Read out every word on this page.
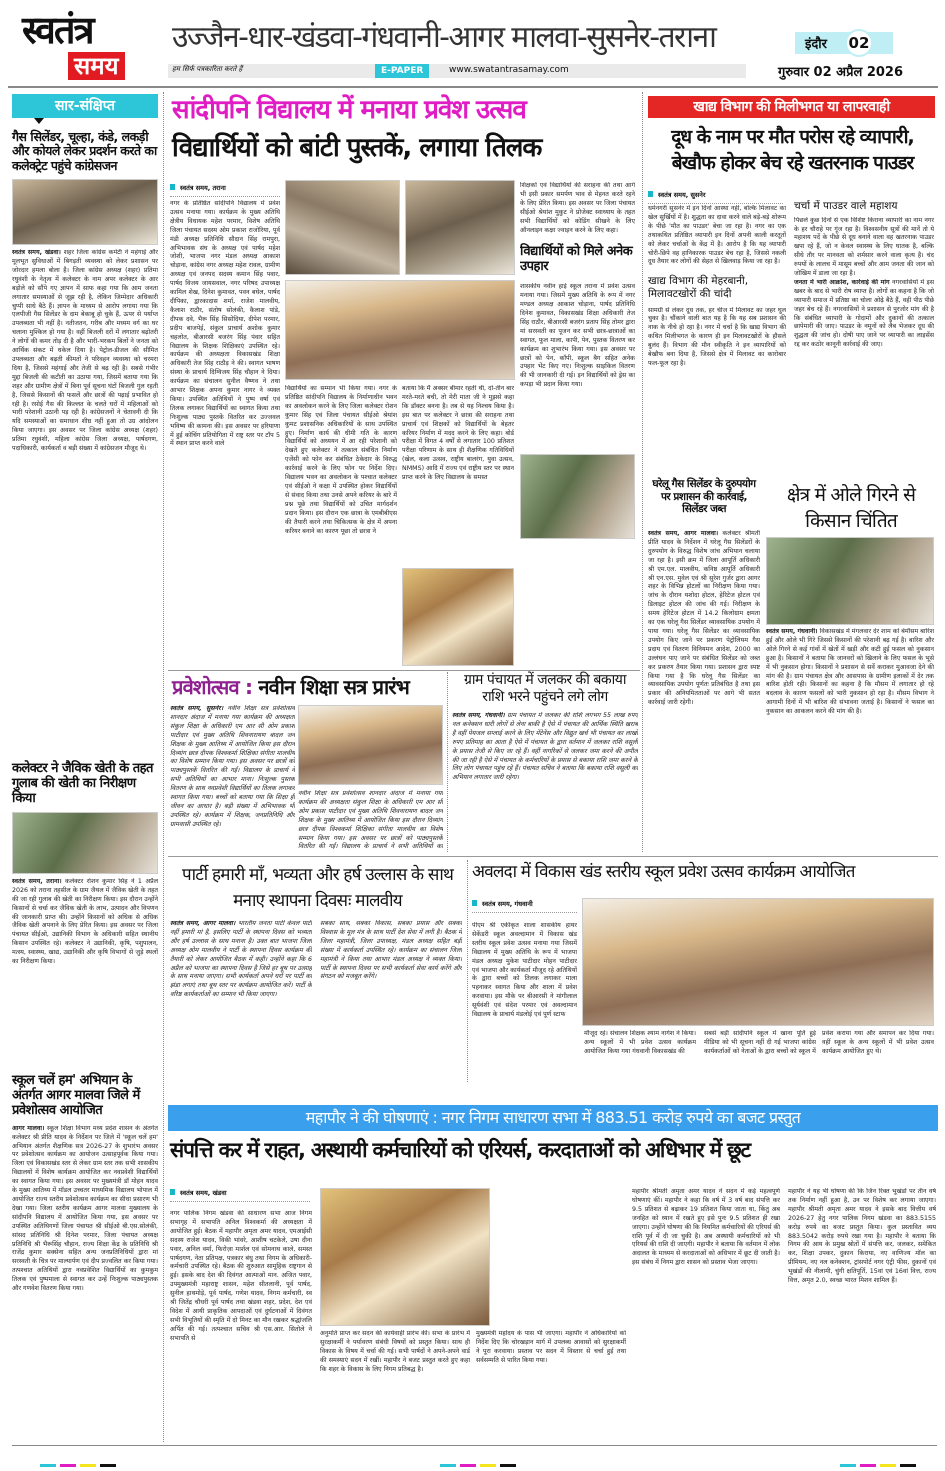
स्वतंत्र
समय
उज्जैन-धार-खंडवा-गंधवानी-आगर मालवा-सुसनेर-तराना	इंदौर 02
हम सिर्फ पत्रकारिता करते हैं	E-PAPER	www.swatantrasamay.com	गुरुवार 02 अप्रैल 2026
सार-संक्षिप्त
गैस सिलेंडर, चूल्हा, कंडे, लकड़ी और कोयले लेकर प्रदर्शन करते का कलेक्ट्रेट पहुंचे कांग्रेसजन
स्वतंत्र समय, खंडवा। शहर जिला कांग्रेस कमेटी ने महंगाई और मूलभूत सुविधाओं में बिगड़ती व्यवस्था को लेकर प्रशासन पर जोरदार हमला बोला है। जिला कांग्रेस अध्यक्ष (शहर) प्रतिमा रघुवंशी के नेतृत्व में कलेक्टर के नाम अपर कलेक्टर के आर बड़ोले को सौंपे गए ज्ञापन में साफ कहा गया कि आम जनता लगातार समस्याओं से जूझ रही है, लेकिन जिम्मेदार अधिकारी चुप्पी साधे बैठे हैं। ज्ञापन के माध्यम से आरोप लगाया गया कि एलपीजी गैस सिलेंडर के दाम बेकाबू हो चुके हैं, ऊपर से पर्याप्त उपलब्धता भी नहीं है। नतीजतन, गरीब और मध्यम वर्ग का घर चलाना मुश्किल हो गया है। वहीं बिजली दरों में लगातार बढ़ोतरी ने लोगों की कमर तोड़ दी है और भारी-भरकम बिलों ने जनता को आर्थिक संकट में धकेल दिया है। पेट्रोल-डीजल की सीमित उपलब्धता और बढ़ती कीमतों ने परिवहन व्यवस्था को चरमरा दिया है, जिससे महंगाई और तेजी से बढ़ रही है। सबसे गंभीर मुद्दा बिजली की कटौती का उठाया गया, जिसमें बताया गया कि शहर और ग्रामीण क्षेत्रों में बिना पूर्व सूचना घंटों बिजली गुल रहती है, जिससे किसानों की फसलें और छात्रों की पढ़ाई प्रभावित हो रही है। रसोई गैस की किल्लत के चलते घरों में महिलाओं को भारी परेशानी उठानी पड़ रही है। कांग्रेसजनों ने चेतावनी दी कि यदि समस्याओं का समाधान शीघ्र नहीं हुआ तो उग्र आंदोलन किया जाएगा। इस अवसर पर जिला कांग्रेस अध्यक्ष (शहर) प्रतिमा रघुवंशी, महिला कांग्रेस जिला अध्यक्ष, पार्षदगण, पदाधिकारी, कार्यकर्ता व बड़ी संख्या में कांग्रेसजन मौजूद थे।
कलेक्टर ने जैविक खेती के तहत गुलाब की खेती का निरीक्षण किया
स्वतंत्र समय, तराना। कलेक्टर रोशन कुमार सिंह ने 1 अप्रैल 2026 को तराना तहसील के ग्राम जैथल में जैविक खेती के तहत की जा रही गुलाब की खेती का निरीक्षण किया। इस दौरान उन्होंने किसानों से चर्चा कर जैविक खेती के लाभ, उत्पादन और विपणन की जानकारी प्राप्त की। उन्होंने किसानों को अधिक से अधिक जैविक खेती अपनाने के लिए प्रेरित किया। इस अवसर पर जिला पंचायत सीईओ, उद्यानिकी विभाग के अधिकारी सहित स्थानीय किसान उपस्थित रहे। कलेक्टर ने उद्यानिकी, कृषि, पशुपालन, मत्स्य, स्वास्थ्य, खाद्य, उद्यानिकी और कृषि विभागों से जुड़े स्थलों का निरीक्षण किया।
स्कूल चलें हम' अभियान के अंतर्गत आगर मालवा जिले में प्रवेशोत्सव आयोजित
आगर मालवा। स्कूल शिक्षा विभाग मध्य प्रदेश शासन के अंतर्गत कलेक्टर श्री प्रीति यादव के निर्देशन पर जिले में 'स्कूल चलें हम' अभियान अंतर्गत शैक्षणिक सत्र 2026-27 के शुभारंभ अवसर पर प्रवेशोत्सव कार्यक्रम का आयोजन उत्साहपूर्वक किया गया। जिला एवं विकासखंड स्तर से लेकर ग्राम स्तर तक सभी शासकीय विद्यालयों में विशेष कार्यक्रम आयोजित कर नवप्रवेशी विद्यार्थियों का स्वागत किया गया। इस अवसर पर मुख्यमंत्री डॉ मोहन यादव के मुख्य आतिथ्य में मॉडल उच्चतर माध्यमिक विद्यालय भोपाल में आयोजित राज्य स्तरीय प्रवेशोत्सव कार्यक्रम का सीधा प्रसारण भी देखा गया। जिला स्तरीय कार्यक्रम आगर मालवा मुख्यालय के सांदीपनि विद्यालय में आयोजित किया गया, इस अवसर पर उपस्थित अतिथिगणों जिला पंचायत श्री सीईओ बी.एस.सोलंकी, सांसद प्रतिनिधि श्री दिनेश परमार, जिला पंचायत अध्यक्ष प्रतिनिधि श्री भैरूसिंह चौहान, राज्य शिक्षा केंद्र के प्रतिनिधि श्री राजेंद्र कुमार सक्सेना सहित अन्य जनप्रतिनिधियों द्वारा मां सरस्वती के चित्र पर माल्यार्पण एवं दीप प्रज्वलित कर किया गया। तत्पश्चात अतिथियों द्वारा नवप्रवेशित विद्यार्थियों का कुमकुम तिलक एवं पुष्पमाला से स्वागत कर उन्हें निःशुल्क पाठ्यपुस्तक और गणवेश वितरण किया गया।
सांदीपनि विद्यालय में मनाया प्रवेश उत्सव
विद्यार्थियों को बांटी पुस्तकें, लगाया तिलक
स्वतंत्र समय, तराना
नगर के प्रतिष्ठित सांदीपनि विद्यालय में प्रवेश उत्सव मनाया गया। कार्यक्रम के मुख्य अतिथि क्षेत्रीय विधायक महेश परमार, विशेष अतिथि जिला पंचायत सदस्य ओम प्रकाश राजोरिया, पूर्व मंडी अध्यक्ष प्रतिनिधि सौदान सिंह रामपुरा, अभिभावक संघ के अध्यक्ष एवं पार्षद महेश जोशी, भाजपा नगर मंडल अध्यक्ष आकाश चोड़ाना, कांग्रेस नगर अध्यक्ष महेश रावल, ग्रामीण अध्यक्ष एवं जनपद सदस्य कमान सिंह पवार, पार्षद विजय जायसवाल, नगर परिषद उपाध्यक्ष कामिल शेख, दिनेश कुमावत, पवन बघेल, पार्षद दीपिका, द्वारकादास शर्मा, राजेश मालवीय, कैलाश राठौर, संतोष सोलंकी, कैलाश पांडे, दीपक दवे, भैरू सिंह सिसोदिया, दीपेश परमार, प्रदीप बाजपेई, संकुल प्राचार्य अशोक कुमार चहलोत, बीआरसी बजरंग सिंह पंवार सहित विद्यालय के शिक्षक शिक्षिकाएं उपस्थित रहे। कार्यक्रम की अध्यक्षता विकासखंड शिक्षा अधिकारी तेज सिंह राठौड़ ने की। स्वागत भाषण संस्था के प्राचार्य दिग्विजय सिंह चौहान ने दिया। कार्यक्रम का संचालन सुनील वैष्णव ने तथा आभार शिक्षक अपना कुमार नागर ने व्यक्त किया। उपस्थित अतिथियों ने पुष्प वर्षा एवं तिलक लगाकर विद्यार्थियों का स्वागत किया तथा निःशुल्क पाठ्य पुस्तकें वितरित कर उज्जवल भविष्य की कामना की। इस अवसर पर हरियाणा में हुई कोचिंग प्रतियोगिता में राष्ट्र स्तर पर टॉप 5 में स्थान प्राप्त करने वाले
विद्यार्थियों का सम्मान भी किया गया। नगर के प्रतिष्ठित सांदीपनि विद्यालय के निर्माणाधीन भवन का अवलोकन करने के लिए जिला कलेक्टर रोशन कुमार सिंह एवं जिला पंचायत सीईओ श्रेयांश कुमट प्रशासनिक अधिकारियों के साथ उपस्थित हुए। निर्माण कार्य की धीमी गति के कारण विद्यार्थियों को अध्ययन में आ रही परेशानी को देखते हुए कलेक्टर ने तत्काल संबंधित निर्माण एजेंसी को फोन कर संबंधित ठेकेदार के विरुद्ध कार्रवाई करने के लिए फोन पर निर्देश दिए। विद्यालय भवन का अवलोकन के पश्चात कलेक्टर एवं सीईओ ने कक्षा में उपस्थित होकर विद्यार्थियों से संवाद किया तथा उनसे अपने करियर के बारे में प्रश्न पूछे तथा विद्यार्थियों को उचित मार्गदर्शन प्रदान किया। इस दौरान एक छात्रा के एमबीबीएस की तैयारी करने तथा चिकित्सक के क्षेत्र में अपना करियर बनाने का कारण पूछा तो छात्रा ने
बताया कि मैं अक्सर बीमार रहती थी, दो-तीन बार मरते-मरते बची, तो मेरी माता जी ने मुझसे कहा कि डॉक्टर बनना है। तब से यह निश्चय किया है। इस बात पर कलेक्टर ने छात्रा की सराहना तथा प्राचार्य एवं शिक्षकों को विद्यार्थियों के बेहतर करियर निर्माण में मदद करने के लिए कहा। बोर्ड परीक्षा में विगत 4 वर्षों से लगातार 100 प्रतिशत परीक्षा परिणाम के साथ ही शैक्षणिक गतिविधियों (खेल, कला उत्सव, राष्ट्रीय बालरंग, युवा उत्सव, NMMS) आदि में राज्य एवं राष्ट्रीय स्तर पर स्थान प्राप्त करने के लिए विद्यालय के समस्त
शिक्षकों एवं विद्यार्थियों की सराहना की तथा आगे भी इसी प्रकार समर्पण भाव से मेहनत करते रहने के लिए प्रेरित किया। इस अवसर पर जिला पंचायत सीईओ श्रेयांश मुकुट ने प्रोजेक्ट स्वाध्याय के तहत सभी विद्यार्थियों को कोडिंग सीखने के लिए ऑनलाइन कक्षा ज्वाइन करने के लिए कहा।
विद्यार्थियों को मिले अनेक उपहार
शासकीय नवीन हाई स्कूल तराना में प्रवेश उत्सव मनाया गया। जिसमें मुख्य अतिथि के रूप में नगर मण्डल अध्यक्ष आकाश चोड़ाना, पार्षद प्रतिनिधि दिनेश कुमावत, विकासखंड शिक्षा अधिकारी तेज सिंह राठौर, बीआरसी बजरंग प्रताप सिंह तोमर द्वारा मां सरस्वती का पूजन कर सभी छात्र-छात्राओं का स्वागत, फूल माला, कापी, पेन, पुस्तक वितरण कर कार्यक्रम का शुभारंभ किया गया। इस अवसर पर छात्रों को पेन, कॉपी, स्कूल बैग सहित अनेक उपहार भेंट किए गए। निःशुल्क साइकिल वितरण की भी जानकारी दी गई। इन विद्यार्थियों को ड्रेस का कपड़ा भी प्रदान किया गया।
प्रवेशोत्सव : नवीन शिक्षा सत्र प्रारंभ
स्वतंत्र समय, सुसनेर। नवीन शिक्षा सत्र प्रवेशोत्सव शानदार अंदाज में मनाया गया कार्यक्रम की अध्यक्षता संकुल शिक्षा के अधिकारी एम आर सी ओम प्रकाश पाटीदार एवं मुख्य अतिथि शिवनारायण बादल जन शिक्षक के मुख्य आतिथ्य में आयोजित किया इस दौरान दिव्यांग छात्र दीपक विश्वकर्मा शिक्षिका संगीता मालवीय का विशेष सम्मान किया गया। इस अवसर पर छात्रों को पाठ्यपुस्तकें वितरित की गईं। विद्यालय के प्राचार्य ने सभी अतिथियों का आभार माना। निःशुल्क पुस्तक वितरण के साथ नवप्रवेशी विद्यार्थियों का तिलक लगाकर स्वागत किया गया। बच्चों को बताया गया कि शिक्षा ही जीवन का आधार है। बड़ी संख्या में अभिभावक भी उपस्थित रहे। कार्यक्रम में शिक्षक, जनप्रतिनिधि और ग्रामवासी उपस्थित रहे।
नवीन शिक्षा सत्र प्रवेशोत्सव शानदार अंदाज में मनाया गया कार्यक्रम की अध्यक्षता संकुल शिक्षा के अधिकारी एम आर सी ओम प्रकाश पाटीदार एवं मुख्य अतिथि शिवनारायण बादल जन शिक्षक के मुख्य आतिथ्य में आयोजित किया इस दौरान दिव्यांग छात्र दीपक विश्वकर्मा शिक्षिका संगीता मालवीय का विशेष सम्मान किया गया। इस अवसर पर छात्रों को पाठ्यपुस्तकें वितरित की गईं। विद्यालय के प्राचार्य ने सभी अतिथियों का
ग्राम पंचायत में जलकर की बकाया राशि भरने पहुंचने लगे लोग
स्वतंत्र समय, गंधवानी। ग्राम पंचायत में जलकर की राशि लगभग 55 लाख रुपए नल कनेक्शन धारी लोगों से लेना बाकी है ऐसे में पंचायत की आर्थिक स्थिति खराब है वहीं पेयजल सप्लाई करने के लिए मेंटेनेंस और विद्युत खर्च भी पंचायत का लाखों रुपए प्रतिमाह का आता है ऐसे में पंचायत के द्वारा वर्तमान में जलकर राशि वसूली के प्रयास तेजी से किए जा रहे हैं। वहीं नागरिकों से जलकर जमा करने की अपील की जा रही है ऐसे में पंचायत के कर्मचारियों के प्रयास से बकाया राशि जमा करने के लिए लोग पंचायत पहुंच रहे हैं। पंचायत सचिव ने बताया कि बकाया राशि वसूली का अभियान लगातार जारी रहेगा।
खाद्य विभाग की मिलीभगत या लापरवाही
दूध के नाम पर मौत परोस रहे व्यापारी, बेखौफ होकर बेच रहे खतरनाक पाउडर
स्वतंत्र समय, सुसनेर
धर्मनगरी सुसनेर में इन दिनों आस्था नहीं, बल्कि मिलावट का खेल सुर्खियों में है। शुद्धता का दावा करने वाले बड़े-बड़े शोरूम के पीछे 'मौत का पाउडर' बेचा जा रहा है। नगर का एक तथाकथित प्रतिष्ठित व्यापारी इन दिनों अपनी काली करतूतों को लेकर चर्चाओं के केंद्र में है। आरोप है कि यह व्यापारी चोरी-छिपे वह हानिकारक पाउडर बेच रहा है, जिससे नकली दूध तैयार कर लोगों की सेहत से खिलवाड़ किया जा रहा है।
खाद्य विभाग की मेहरबानी, मिलावटखोरों की चांदी
सामग्री से लेकर दूध तक, हर चीज में मिलावट का जहर घुल चुका है। चौंकाने वाली बात यह है कि यह सब प्रशासन की नाक के नीचे हो रहा है। नगर में चर्चा है कि खाद्य विभाग की कथित मिलीभगत के कारण ही इन मिलावटखोरों के हौसले बुलंद हैं। विभाग की मौन स्वीकृति ने इन व्यापारियों को बेखौफ बना दिया है, जिससे क्षेत्र में मिलावट का कारोबार फल-फूल रहा है।
चर्चा में पाउडर वाले महाशय
पिछले कुछ दिनों से एक विशिष्ट किराना व्यापारी का नाम नगर के हर चौराहे पर गूंज रहा है। विश्वसनीय सूत्रों की मानें तो ये महाशय पर्दे के पीछे से दूध बनाने वाला वह खतरनाक पाउडर खपा रहे हैं, जो न केवल स्वास्थ्य के लिए घातक है, बल्कि सीधे तौर पर मानवता को शर्मसार करने वाला कृत्य है। चंद रुपयों के लालच में मासूम बच्चों और आम जनता की जान को जोखिम में डाला जा रहा है।
जनता में भारी आक्रोश, कार्रवाई की मांग नगरवासियों में इस खबर के बाद से भारी रोष व्याप्त है। लोगों का कहना है कि जो व्यापारी समाज में प्रतिष्ठा का चोला ओढ़े बैठे हैं, वही पीठ पीछे जहर बेच रहे हैं। नगरवासियों ने प्रशासन से पुरजोर मांग की है कि संबंधित व्यापारी के गोदामों और दुकानों की तत्काल छापेमारी की जाए। पाउडर के नमूनों को लैब भेजकर दूध की शुद्धता की जांच हो। दोषी पाए जाने पर व्यापारी का लाइसेंस रद्द कर कठोर कानूनी कार्रवाई की जाए।
घरेलू गैस सिलेंडर के दुरुपयोग पर प्रशासन की कार्रवाई, सिलेंडर जब्त
स्वतंत्र समय, आगर मालवा। कलेक्टर श्रीमती प्रीति यादव के निर्देशन में घरेलू गैस सिलेंडरों के दुरुपयोग के विरुद्ध विशेष जांच अभियान चलाया जा रहा है। इसी क्रम में जिला आपूर्ति अधिकारी श्री एम.एल. मालवीय, कनिष्ठ आपूर्ति अधिकारी श्री एन.एस. मुवेल एवं श्री सुरेश गुर्जर द्वारा आगर शहर के विभिन्न होटलों का निरीक्षण किया गया। जांच के दौरान यशोदा होटल, हेरिटेज होटल एवं डिलाइट होटल की जांच की गई। निरीक्षण के समय हेरिटेज होटल में 14.2 किलोग्राम क्षमता का एक घरेलू गैस सिलेंडर व्यावसायिक उपयोग में पाया गया। घरेलू गैस सिलेंडर का व्यावसायिक उपयोग किए जाने पर प्रकरण पेट्रोलियम गैस प्रदाय एवं वितरण विनियमन आदेश, 2000 का उल्लंघन पाए जाने पर संबंधित सिलेंडर को जब्त कर प्रकरण तैयार किया गया। प्रशासन द्वारा स्पष्ट किया गया है कि घरेलू गैस सिलेंडर का व्यावसायिक उपयोग पूर्णतः प्रतिबंधित है तथा इस प्रकार की अनियमितताओं पर आगे भी सतत कार्रवाई जारी रहेगी।
क्षेत्र में ओले गिरने से किसान चिंतित
स्वतंत्र समय, गंधवानी। विकासखंड में मंगलवार देर शाम को बेमौसम बारिश हुई और ओले भी गिरे जिससे किसानों की परेशानी बढ़ गई है। बारिश और ओले गिरने से कई गांवों में खेतों में खड़ी और कटी हुई फसल को नुकसान हुआ है। किसानों ने बताया कि जानवरों को खिलाने के लिए फसल के भूसे में भी नुकसान होगा। किसानों ने प्रशासन से सर्वे कराकर मुआवजा देने की मांग की है। ग्राम पंचायत क्षेत्र और आसपास के ग्रामीण इलाकों में देर तक बारिश होती रही। किसानों का कहना है कि मौसम में लगातार हो रहे बदलाव के कारण फसलों को भारी नुकसान हो रहा है। मौसम विभाग ने आगामी दिनों में भी बारिश की संभावना जताई है। किसानों ने फसल का नुकसान का आकलन करने की मांग की है।
पार्टी हमारी माँ, भव्यता और हर्ष उल्लास के साथ मनाए स्थापना दिवसः मालवीय
स्वतंत्र समय, आगर मालवा। भारतीय जनता पार्टी केवल पार्टी नहीं हमारी मां है, इसलिए पार्टी के स्थापना दिवस को भव्यता और हर्ष उल्लास के साथ मनाना है। उक्त बात भाजपा जिला अध्यक्ष ओम मालवीय ने पार्टी के स्थापना दिवस कार्यक्रम की तैयारी को लेकर आयोजित बैठक में कही। उन्होंने कहा कि 6 अप्रैल को भाजपा का स्थापना दिवस है जिसे हर बूथ पर उत्साह के साथ मनाया जाएगा। सभी कार्यकर्ता अपने घरों पर पार्टी का झंडा लगाएं तथा बूथ स्तर पर कार्यक्रम आयोजित करें। पार्टी के वरिष्ठ कार्यकर्ताओं का सम्मान भी किया जाएगा।
सबका साथ, सबका विकास, सबका प्रयास और सबका विश्वास के मूल मंत्र के साथ पार्टी देश सेवा में लगी है। बैठक में जिला महामंत्री, जिला उपाध्यक्ष, मंडल अध्यक्ष सहित बड़ी संख्या में कार्यकर्ता उपस्थित रहे। कार्यक्रम का संचालन जिला महामंत्री ने किया तथा आभार मंडल अध्यक्ष ने व्यक्त किया। पार्टी के स्थापना दिवस पर सभी कार्यकर्ता सेवा कार्य करेंगे और संगठन को मजबूत करेंगे।
अवलदा में विकास खंड स्तरीय स्कूल प्रवेश उत्सव कार्यक्रम आयोजित
स्वतंत्र समय, गंधवानी
पीएम श्री एकीकृत शाला शासकीय हायर सेकेंडरी स्कूल अवल्दामान में विकास खंड स्तरीय स्कूल प्रवेश उत्सव मनाया गया जिसमें विद्यालय में मुख्य अतिथि के रूप में भाजपा मंडल अध्यक्ष मुकेश पाटीदार मोहन पाटीदार एवं भाजपा और कार्यकर्ता मौजूद रहे अतिथियों के द्वारा बच्चों को तिलक लगाकर माला पहनाकर स्वागत किया और शाला में प्रवेश करवाया। इस मौके पर बीआरसी ने मांगीलाल सूर्यवंशी एवं संदेश परमार एवं अवल्दामान विद्यालय के प्राचार्य मंडलोई एवं पूर्ण स्टाफ
मौजूद रहे। संचालन शिक्षक श्याम नागेश ने किया। अन्य स्कूलों में भी प्रवेश उत्सव कार्यक्रम आयोजित किया गया गंधवानी विकासखंड की
सबसे बड़ी सांदीपनि स्कूल में खाना पूर्ति हुई मीडिया को भी सूचना नहीं दी गई भाजपा कांग्रेस कार्यकर्ताओं को नेताओं के द्वारा बच्चों को स्कूल में
प्रवेश कराया गया और समापन कर दिया गया। वहीं स्कूल के अन्य स्कूलों में भी प्रवेश उत्सव कार्यक्रम आयोजित हुए थे।
महापौर ने की घोषणाएं : नगर निगम साधारण सभा में 883.51 करोड़ रुपये का बजट प्रस्तुत
संपत्ति कर में राहत, अस्थायी कर्मचारियों को एरियर्स, करदाताओं को अधिभार में छूट
स्वतंत्र समय, खंडवा
नगर पालिक निगम खंडवा की साधारण सभा आज निगम सभागृह में सभापति अनिल विश्वकर्मा की अध्यक्षता में आयोजित हुई। बैठक में महापौर अमृता अमर यादव, एमआईसी सदस्य राजेश यादव, विकी भांवरे, आशीष चटकेले, उषा दीना पवार, अनिल वर्मा, फिरोज़ा मार्शल एवं सोमनाथ काले, समस्त पार्षदगण, नेता प्रतिपक्ष, पत्रकार बंधु तथा निगम के अधिकारी-कर्मचारी उपस्थित रहे। बैठक की शुरुआत सामूहिक राष्ट्रगान से हुई। इसके बाद देश की दिवंगत आत्माओं मान. अजित पवार, उपमुख्यमंत्री महाराष्ट्र शासन, महेश सीतलानी, पूर्व पार्षद, सुनील हाथमोड़े, पूर्व पार्षद, गणेश यादव, निगम कर्मचारी, स्व श्री जितेंद्र चौधरी पूर्व पार्षद तथा खंडवा शहर, प्रदेश, देश एवं विदेश में आयी प्राकृतिक आपदाओं एवं दुर्घटनाओं में दिवंगत सभी विभूतियों की स्मृति में दो मिनट का मौन रखकर श्रद्धांजलि अर्पित की गई। तत्पश्चात सचिव श्री एस.आर. सितोले ने सभापति से
अनुमति प्राप्त कर सदन की कार्यवाही प्रारंभ की। सभा के प्रारंभ में सुरक्षाकर्मी ने पर्यावरण संबंधी विषयों को प्रस्तुत किया। साथ ही विकास के विषय में चर्चा की गई। सभी पार्षदों ने अपने-अपने वार्ड की समस्याएं सदन में रखीं। महापौर ने बजट प्रस्तुत करते हुए कहा कि शहर के विकास के लिए निगम प्रतिबद्ध है।
मुख्यमंत्री महोदय के पास भी जाएगा। महापौर ने अधिकारियों को निर्देश दिए कि चोरखड़ान मार्ग में उपलब्ध आवासों को सुरक्षाकर्मी ने पूरा करवाया। प्रस्ताव पर सदन में विस्तार से चर्चा हुई तथा सर्वसम्मति से पारित किया गया।
महापौर श्रीमती अमृता अमर यादव ने सदन में कई महत्वपूर्ण घोषणाएं कीं। महापौर ने कहा कि वर्ष में 3 वर्ष बाद संपत्ति कर 9.5 प्रतिशत से बढ़ाकर 19 प्रतिशत किया जाता था, किंतु अब जनहित को ध्यान में रखते हुए इसे पुनः 9.5 प्रतिशत ही रखा जाएगा। उन्होंने घोषणा की कि नियमित कर्मचारियों की एरियर्स की राशि पूर्व में दी जा चुकी है। अब अस्थायी कर्मचारियों को भी एरियर्स की राशि दी जाएगी। महापौर ने बताया कि वर्तमान में लोक अदालत के माध्यम से करदाताओं को अधिभार में छूट दी जाती है। इस संबंध में निगम द्वारा शासन को प्रस्ताव भेजा जाएगा।
महापौर ने यह भी घोषणा की कि जिन रिक्त भूखंडों पर तीन वर्ष तक निर्माण नहीं हुआ है, उन पर विशेष कर लगाया जाएगा। महापौर श्रीमती अमृता अमर यादव ने इसके बाद वित्तीय वर्ष 2026-27 हेतु नगर पालिक निगम खंडवा का 883.5155 करोड़ रुपये का बजट प्रस्तुत किया। कुल प्रस्तावित व्यय 883.5042 करोड़ रुपये रखा गया है। महापौर ने बताया कि निगम की आय के प्रमुख स्रोतों में संपत्ति कर, जलकर, समेकित कर, शिक्षा उपकर, दुकान किराया, नए वाणिज्य मॉल का प्रीमियम, नए नल कनेक्शन, ट्रांसपोर्ट नगर एंट्री फीस, दुकानों एवं भूखंडों की नीलामी, चुंगी क्षतिपूर्ति, 15वां एवं 16वां वित्त, राज्य वित्त, अमृत 2.0, स्वच्छ भारत मिशन शामिल हैं।
